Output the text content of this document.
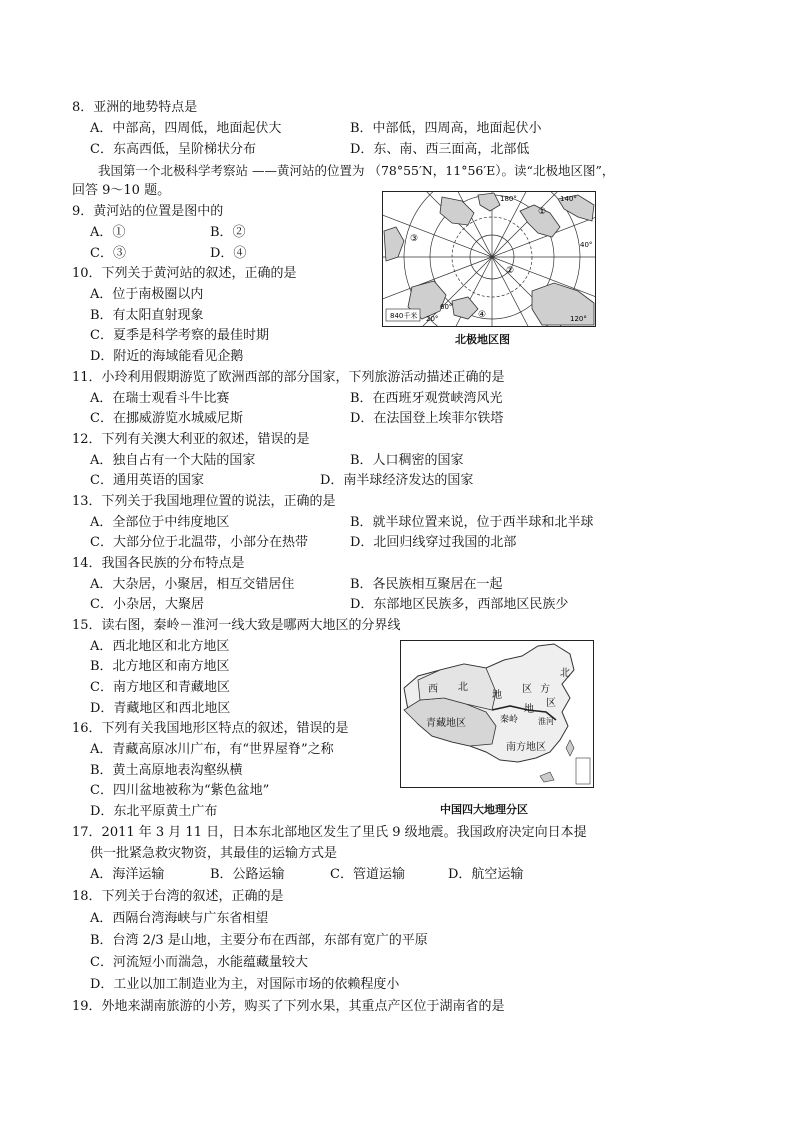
8．亚洲的地势特点是
A．中部高，四周低，地面起伏大	B．中部低，四周高，地面起伏小
C．东高西低，呈阶梯状分布	D．东、南、西三面高，北部低
我国第一个北极科学考察站 ——黄河站的位置为 （78°55′N，11°56′E）。读“北极地区图”，
回答 9～10 题。
9．黄河站的位置是图中的
A．①	B．②
C．③	D．④
10．下列关于黄河站的叙述，正确的是
A．位于南极圈以内
B．有太阳直射现象
C．夏季是科学考察的最佳时期
D．附近的海域能看见企鹅
840千米
①
②
③
④
140°
120°
60°
180°
20°
40°
北极地区图
11．小玲利用假期游览了欧洲西部的部分国家，下列旅游活动描述正确的是
A．在瑞士观看斗牛比赛	B．在西班牙观赏峡湾风光
C．在挪威游览水城威尼斯	D．在法国登上埃菲尔铁塔
12．下列有关澳大利亚的叙述，错误的是
A．独自占有一个大陆的国家	B．人口稠密的国家
C．通用英语的国家	D．南半球经济发达的国家
13．下列关于我国地理位置的说法，正确的是
A．全部位于中纬度地区	B．就半球位置来说，位于西半球和北半球
C．大部分位于北温带，小部分在热带	D．北回归线穿过我国的北部
14．我国各民族的分布特点是
A．大杂居，小聚居，相互交错居住	B．各民族相互聚居在一起
C．小杂居，大聚居	D．东部地区民族多，西部地区民族少
15．读右图，秦岭－淮河一线大致是哪两大地区的分界线
A．西北地区和北方地区
B．北方地区和南方地区
C．南方地区和青藏地区
D．青藏地区和西北地区
西 北
地
区
北
方
地
区
青藏地区	秦岭 淮河
南方地区
中国四大地理分区
16．下列有关我国地形区特点的叙述，错误的是
A．青藏高原冰川广布，有“世界屋脊”之称
B．黄土高原地表沟壑纵横
C．四川盆地被称为“紫色盆地”
D．东北平原黄土广布
17．2011 年 3 月 11 日，日本东北部地区发生了里氏 9 级地震。我国政府决定向日本提
供一批紧急救灾物资，其最佳的运输方式是
A．海洋运输	B．公路运输	C．管道运输	D．航空运输
18．下列关于台湾的叙述，正确的是
A．西隔台湾海峡与广东省相望
B．台湾 2/3 是山地，主要分布在西部，东部有宽广的平原
C．河流短小而湍急，水能蕴藏量较大
D．工业以加工制造业为主，对国际市场的依赖程度小
19．外地来湖南旅游的小芳，购买了下列水果，其重点产区位于湖南省的是
